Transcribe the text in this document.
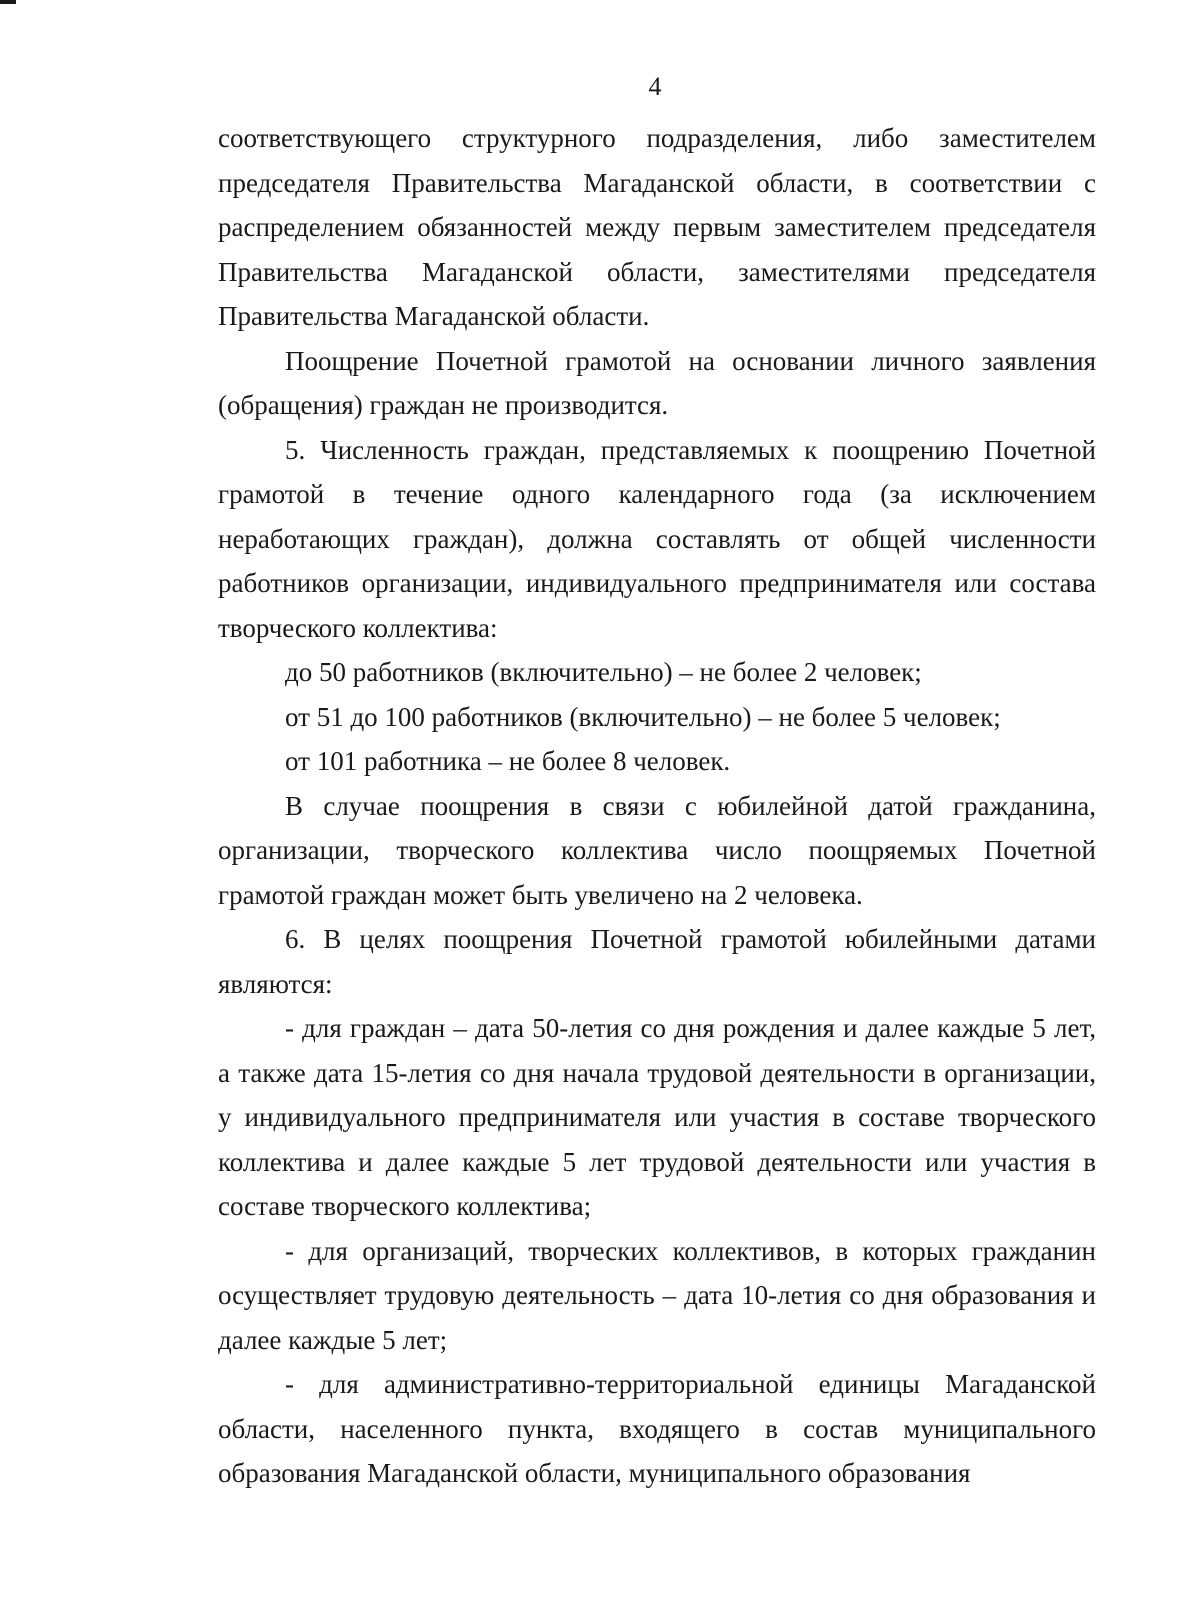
4

соответствующего структурного подразделения, либо заместителем председателя Правительства Магаданской области, в соответствии с распределением обязанностей между первым заместителем председателя Правительства Магаданской области, заместителями председателя Правительства Магаданской области.

Поощрение Почетной грамотой на основании личного заявления (обращения) граждан не производится.

5. Численность граждан, представляемых к поощрению Почетной грамотой в течение одного календарного года (за исключением неработающих граждан), должна составлять от общей численности работников организации, индивидуального предпринимателя или состава творческого коллектива:

до 50 работников (включительно) – не более 2 человек;

от 51 до 100 работников (включительно) – не более 5 человек;

от 101 работника – не более 8 человек.

В случае поощрения в связи с юбилейной датой гражданина, организации, творческого коллектива число поощряемых Почетной грамотой граждан может быть увеличено на 2 человека.

6. В целях поощрения Почетной грамотой юбилейными датами являются:

- для граждан – дата 50-летия со дня рождения и далее каждые 5 лет, а также дата 15-летия со дня начала трудовой деятельности в организации, у индивидуального предпринимателя или участия в составе творческого коллектива и далее каждые 5 лет трудовой деятельности или участия в составе творческого коллектива;

- для организаций, творческих коллективов, в которых гражданин осуществляет трудовую деятельность – дата 10-летия со дня образования и далее каждые 5 лет;

- для административно-территориальной единицы Магаданской области, населенного пункта, входящего в состав муниципального образования Магаданской области, муниципального образования
